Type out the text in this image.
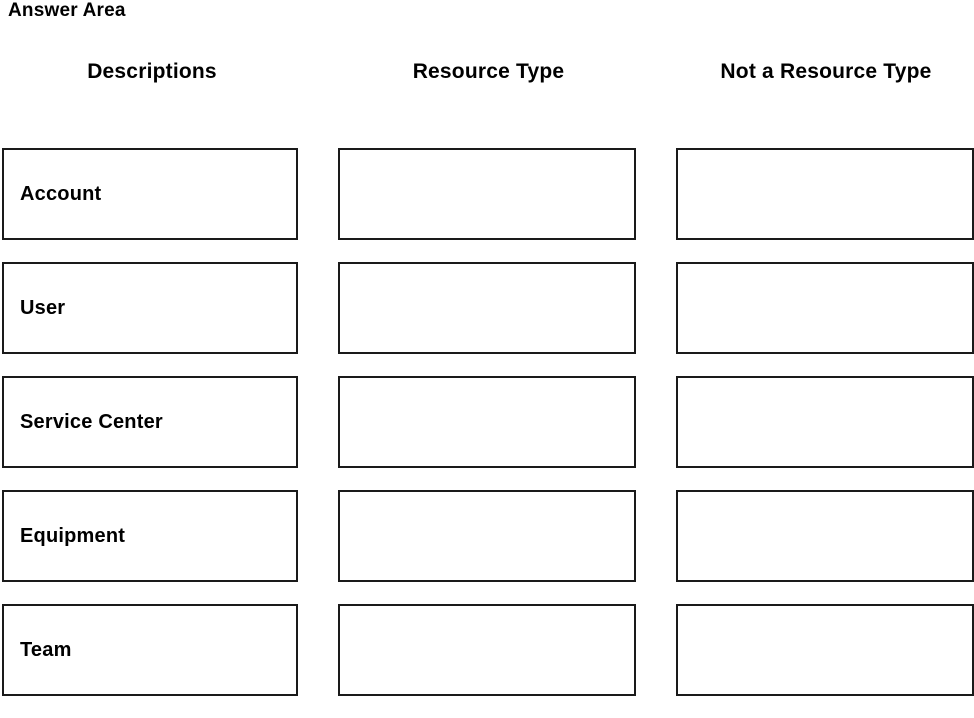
Answer Area
Descriptions	Resource Type	Not a Resource Type
Account
User
Service Center
Equipment
Team
